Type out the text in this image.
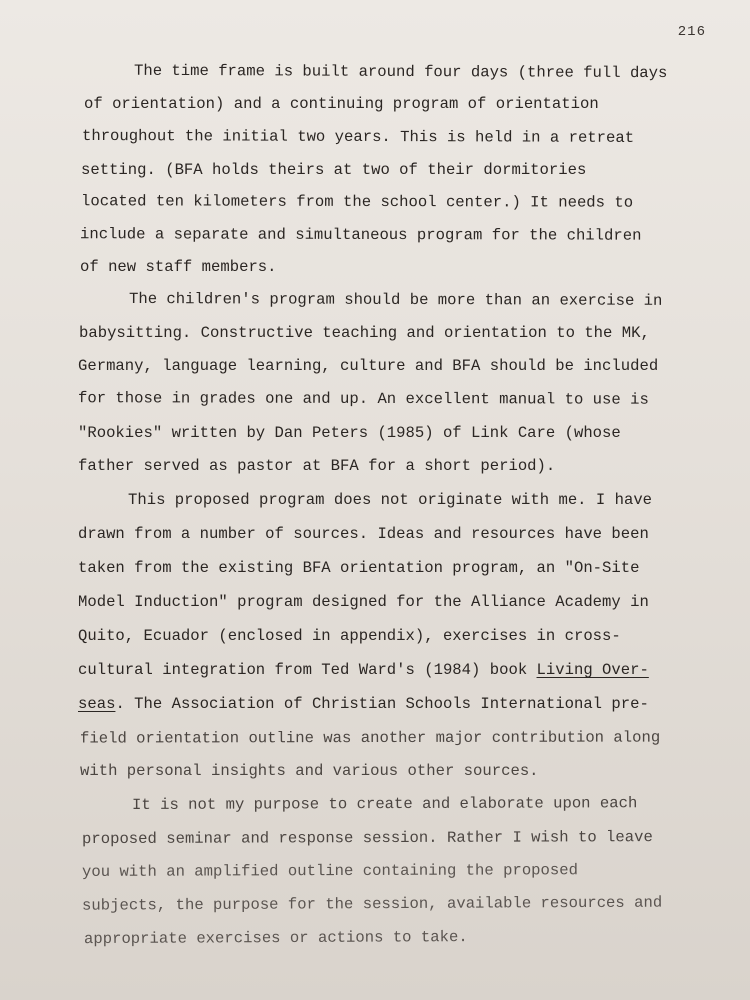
216
The time frame is built around four days (three full days
of orientation) and a continuing program of orientation
throughout the initial two years. This is held in a retreat
setting. (BFA holds theirs at two of their dormitories
located ten kilometers from the school center.) It needs to
include a separate and simultaneous program for the children
of new staff members.
The children's program should be more than an exercise in
babysitting. Constructive teaching and orientation to the MK,
Germany, language learning, culture and BFA should be included
for those in grades one and up. An excellent manual to use is
"Rookies" written by Dan Peters (1985) of Link Care (whose
father served as pastor at BFA for a short period).
This proposed program does not originate with me. I have
drawn from a number of sources. Ideas and resources have been
taken from the existing BFA orientation program, an "On-Site
Model Induction" program designed for the Alliance Academy in
Quito, Ecuador (enclosed in appendix), exercises in cross-
cultural integration from Ted Ward's (1984) book Living Over-
seas. The Association of Christian Schools International pre-
field orientation outline was another major contribution along
with personal insights and various other sources.
It is not my purpose to create and elaborate upon each
proposed seminar and response session. Rather I wish to leave
you with an amplified outline containing the proposed
subjects, the purpose for the session, available resources and
appropriate exercises or actions to take.
